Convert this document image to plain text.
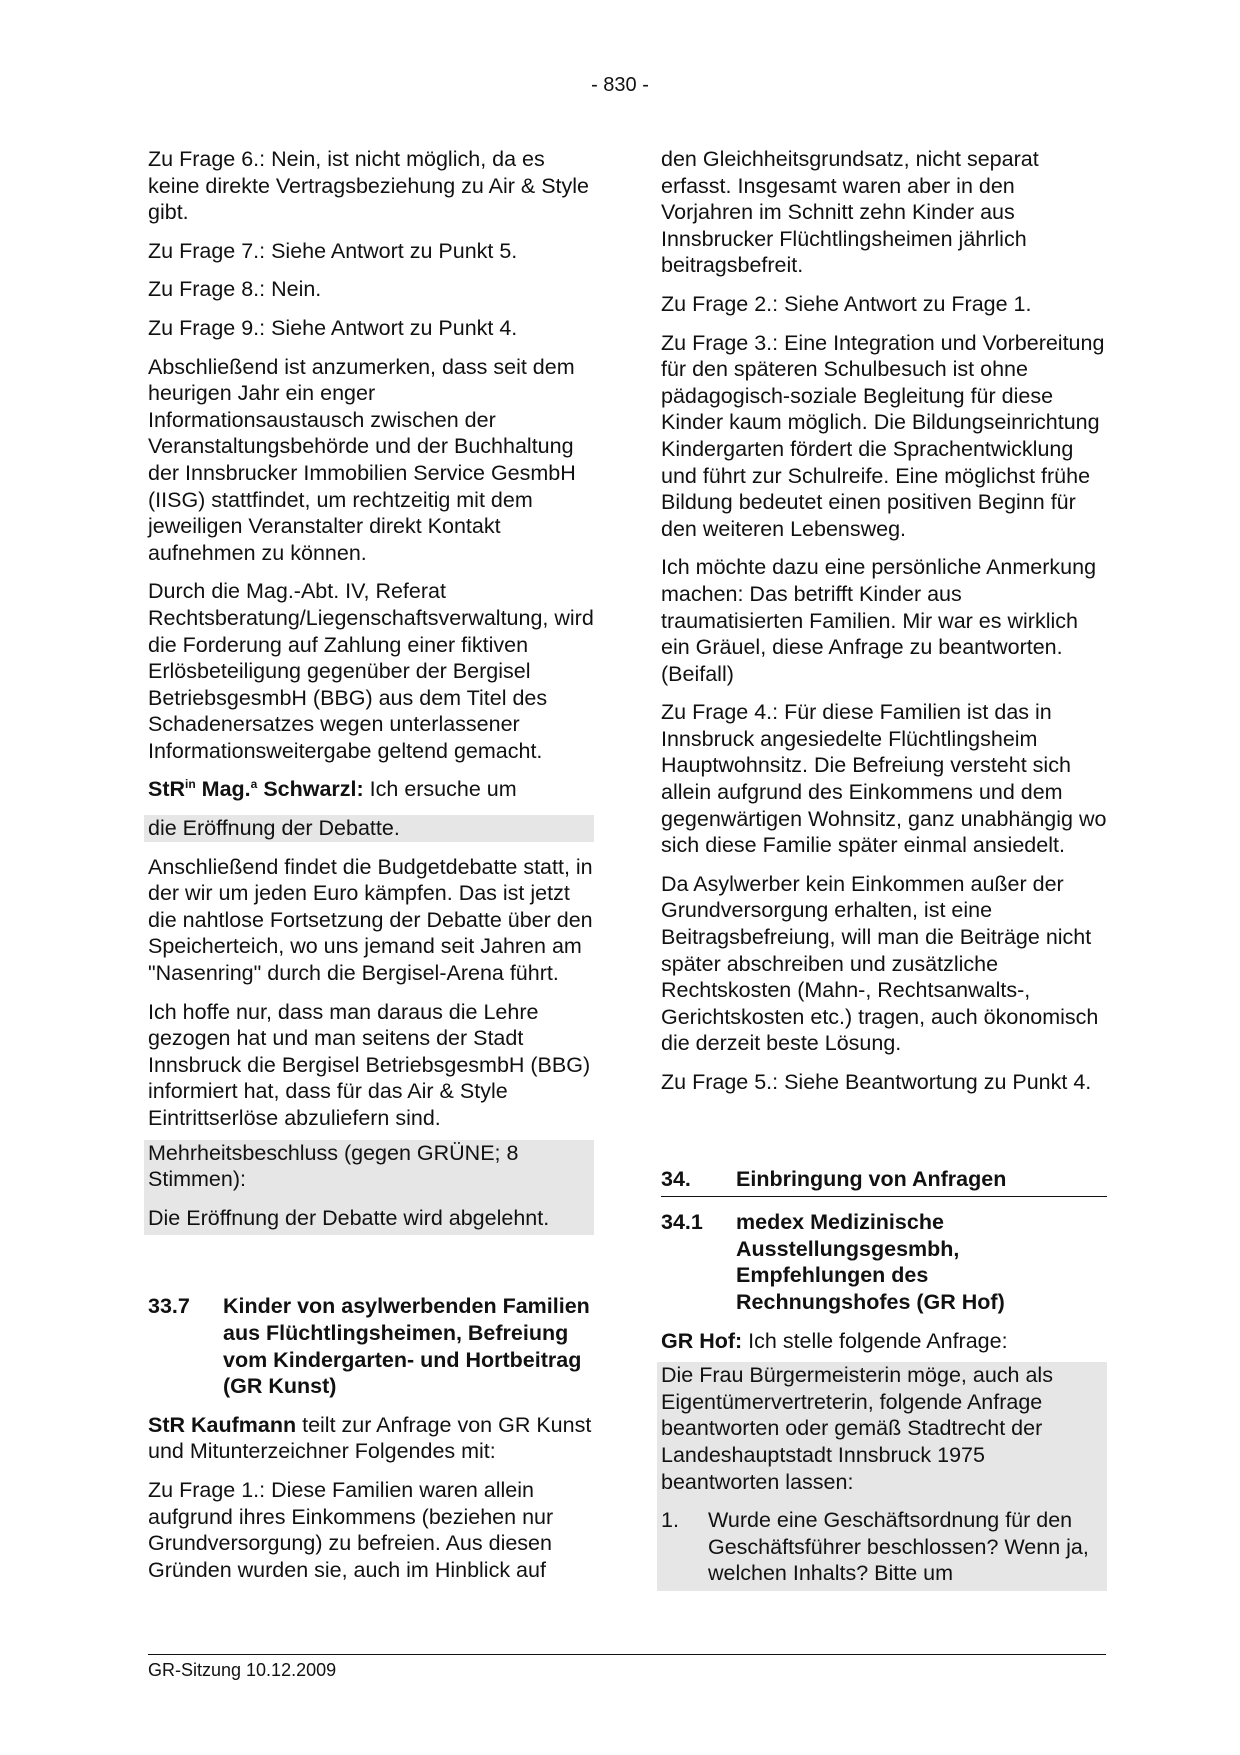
- 830 -
Zu Frage 6.: Nein, ist nicht möglich, da es keine direkte Vertragsbeziehung zu Air & Style gibt.
Zu Frage 7.: Siehe Antwort zu Punkt 5.
Zu Frage 8.: Nein.
Zu Frage 9.: Siehe Antwort zu Punkt 4.
Abschließend ist anzumerken, dass seit dem heurigen Jahr ein enger Informationsaustausch zwischen der Veranstaltungsbehörde und der Buchhaltung der Innsbrucker Immobilien Service GesmbH (IISG) stattfindet, um rechtzeitig mit dem jeweiligen Veranstalter direkt Kontakt aufnehmen zu können.
Durch die Mag.-Abt. IV, Referat Rechtsberatung/Liegenschaftsverwaltung, wird die Forderung auf Zahlung einer fiktiven Erlösbeteiligung gegenüber der Bergisel BetriebsgesmbH (BBG) aus dem Titel des Schadenersatzes wegen unterlassener Informationsweitergabe geltend gemacht.
StR$^{in}$ Mag.$^a$ Schwarzl: Ich ersuche um
die Eröffnung der Debatte.
Anschließend findet die Budgetdebatte statt, in der wir um jeden Euro kämpfen. Das ist jetzt die nahtlose Fortsetzung der Debatte über den Speicherteich, wo uns jemand seit Jahren am "Nasenring" durch die Bergisel-Arena führt.
Ich hoffe nur, dass man daraus die Lehre gezogen hat und man seitens der Stadt Innsbruck die Bergisel BetriebsgesmbH (BBG) informiert hat, dass für das Air & Style Eintrittserlöse abzuliefern sind.
Mehrheitsbeschluss (gegen GRÜNE; 8 Stimmen):
Die Eröffnung der Debatte wird abgelehnt.
33.7	Kinder von asylwerbenden Familien aus Flüchtlingsheimen, Befreiung vom Kindergarten- und Hortbeitrag (GR Kunst)
StR Kaufmann teilt zur Anfrage von GR Kunst und Mitunterzeichner Folgendes mit:
Zu Frage 1.: Diese Familien waren allein aufgrund ihres Einkommens (beziehen nur Grundversorgung) zu befreien. Aus diesen Gründen wurden sie, auch im Hinblick auf
den Gleichheitsgrundsatz, nicht separat erfasst. Insgesamt waren aber in den Vorjahren im Schnitt zehn Kinder aus Innsbrucker Flüchtlingsheimen jährlich beitragsbefreit.
Zu Frage 2.: Siehe Antwort zu Frage 1.
Zu Frage 3.: Eine Integration und Vorbereitung für den späteren Schulbesuch ist ohne pädagogisch-soziale Begleitung für diese Kinder kaum möglich. Die Bildungseinrichtung Kindergarten fördert die Sprachentwicklung und führt zur Schulreife. Eine möglichst frühe Bildung bedeutet einen positiven Beginn für den weiteren Lebensweg.
Ich möchte dazu eine persönliche Anmerkung machen: Das betrifft Kinder aus traumatisierten Familien. Mir war es wirklich ein Gräuel, diese Anfrage zu beantworten. (Beifall)
Zu Frage 4.: Für diese Familien ist das in Innsbruck angesiedelte Flüchtlingsheim Hauptwohnsitz. Die Befreiung versteht sich allein aufgrund des Einkommens und dem gegenwärtigen Wohnsitz, ganz unabhängig wo sich diese Familie später einmal ansiedelt.
Da Asylwerber kein Einkommen außer der Grundversorgung erhalten, ist eine Beitragsbefreiung, will man die Beiträge nicht später abschreiben und zusätzliche Rechtskosten (Mahn-, Rechtsanwalts-, Gerichtskosten etc.) tragen, auch ökonomisch die derzeit beste Lösung.
Zu Frage 5.: Siehe Beantwortung zu Punkt 4.
34.	Einbringung von Anfragen
34.1	medex Medizinische Ausstellungsgesmbh, Empfehlungen des Rechnungshofes (GR Hof)
GR Hof: Ich stelle folgende Anfrage:
Die Frau Bürgermeisterin möge, auch als Eigentümervertreterin, folgende Anfrage beantworten oder gemäß Stadtrecht der Landeshauptstadt Innsbruck 1975 beantworten lassen:
1.	Wurde eine Geschäftsordnung für den Geschäftsführer beschlossen? Wenn ja, welchen Inhalts? Bitte um
GR-Sitzung 10.12.2009
